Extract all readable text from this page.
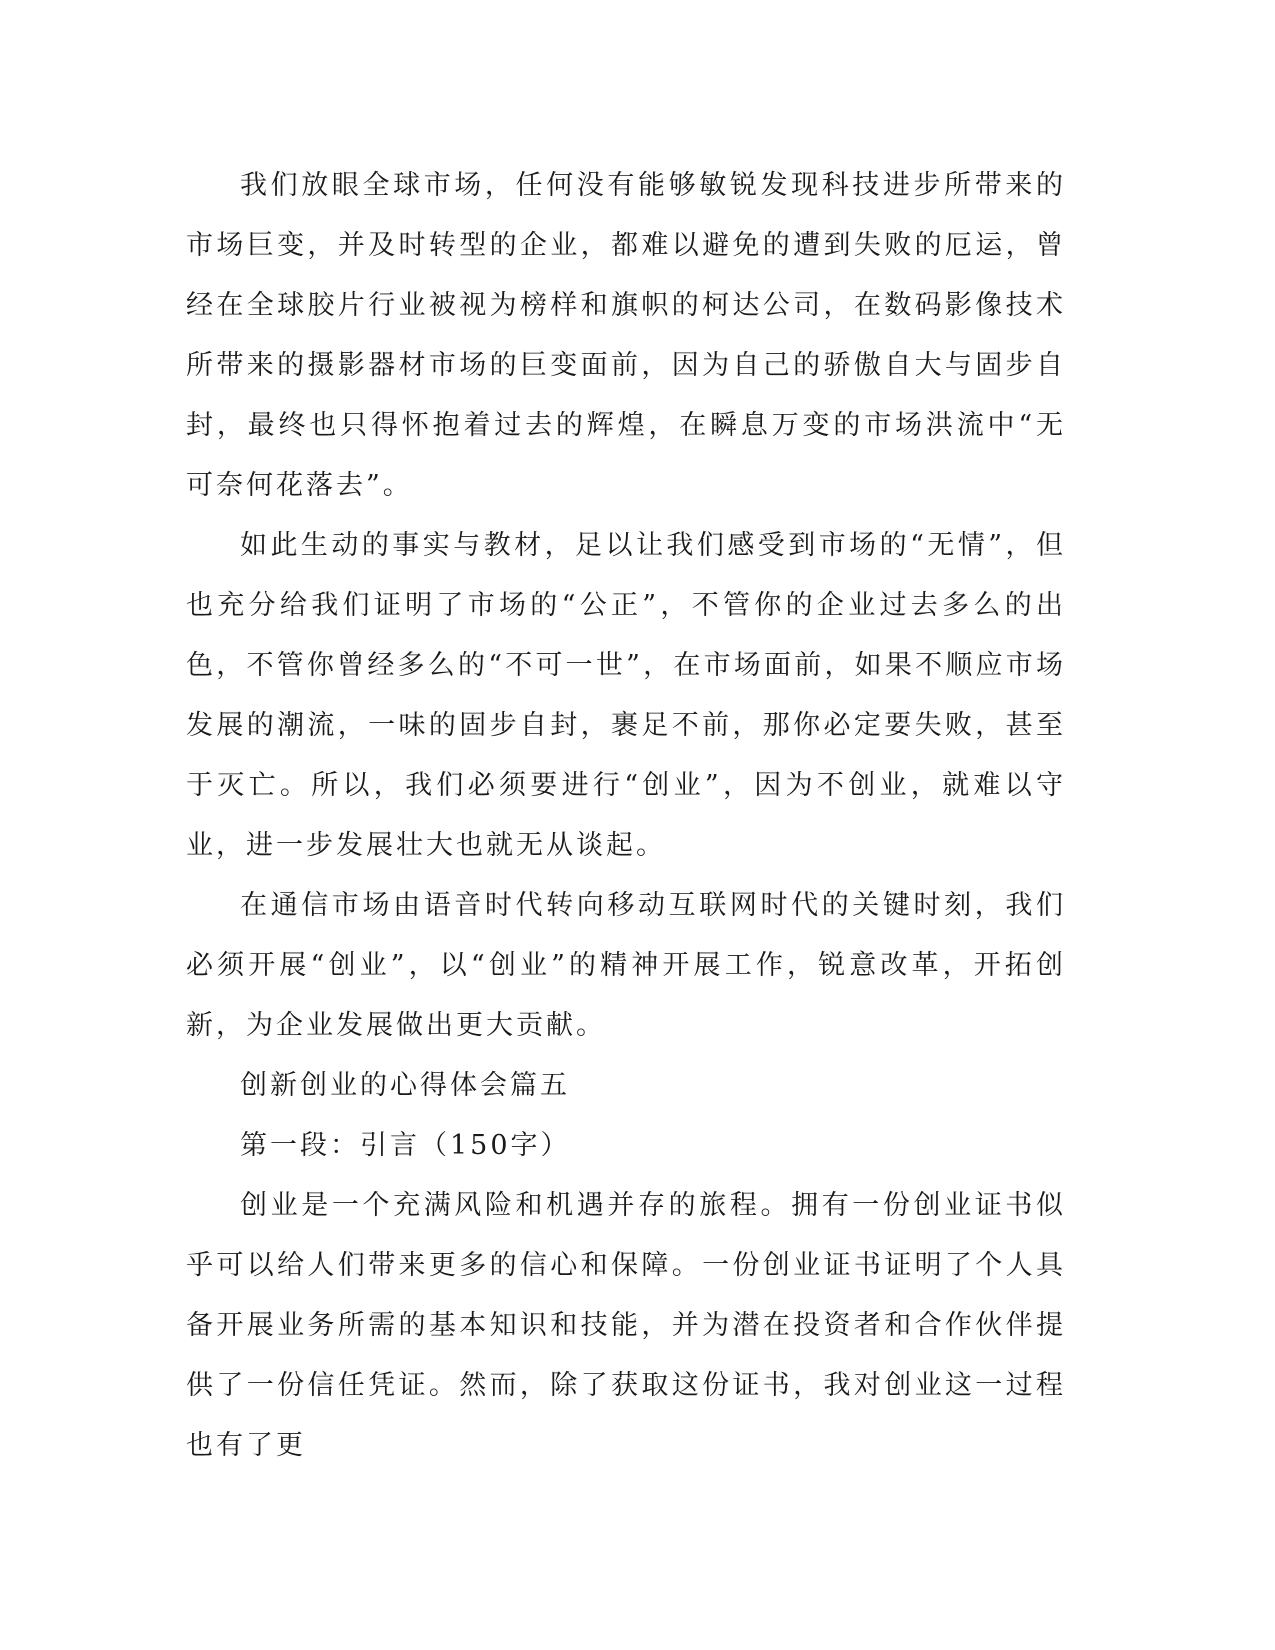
我们放眼全球市场，任何没有能够敏锐发现科技进步所带来的市场巨变，并及时转型的企业，都难以避免的遭到失败的厄运，曾经在全球胶片行业被视为榜样和旗帜的柯达公司，在数码影像技术所带来的摄影器材市场的巨变面前，因为自己的骄傲自大与固步自封，最终也只得怀抱着过去的辉煌，在瞬息万变的市场洪流中“无可奈何花落去”。

如此生动的事实与教材，足以让我们感受到市场的“无情”，但也充分给我们证明了市场的“公正”，不管你的企业过去多么的出色，不管你曾经多么的“不可一世”，在市场面前，如果不顺应市场发展的潮流，一味的固步自封，裹足不前，那你必定要失败，甚至于灭亡。所以，我们必须要进行“创业”，因为不创业，就难以守业，进一步发展壮大也就无从谈起。

在通信市场由语音时代转向移动互联网时代的关键时刻，我们必须开展“创业”，以“创业”的精神开展工作，锐意改革，开拓创新，为企业发展做出更大贡献。

创新创业的心得体会篇五

第一段：引言（150字）

创业是一个充满风险和机遇并存的旅程。拥有一份创业证书似乎可以给人们带来更多的信心和保障。一份创业证书证明了个人具备开展业务所需的基本知识和技能，并为潜在投资者和合作伙伴提供了一份信任凭证。然而，除了获取这份证书，我对创业这一过程也有了更
